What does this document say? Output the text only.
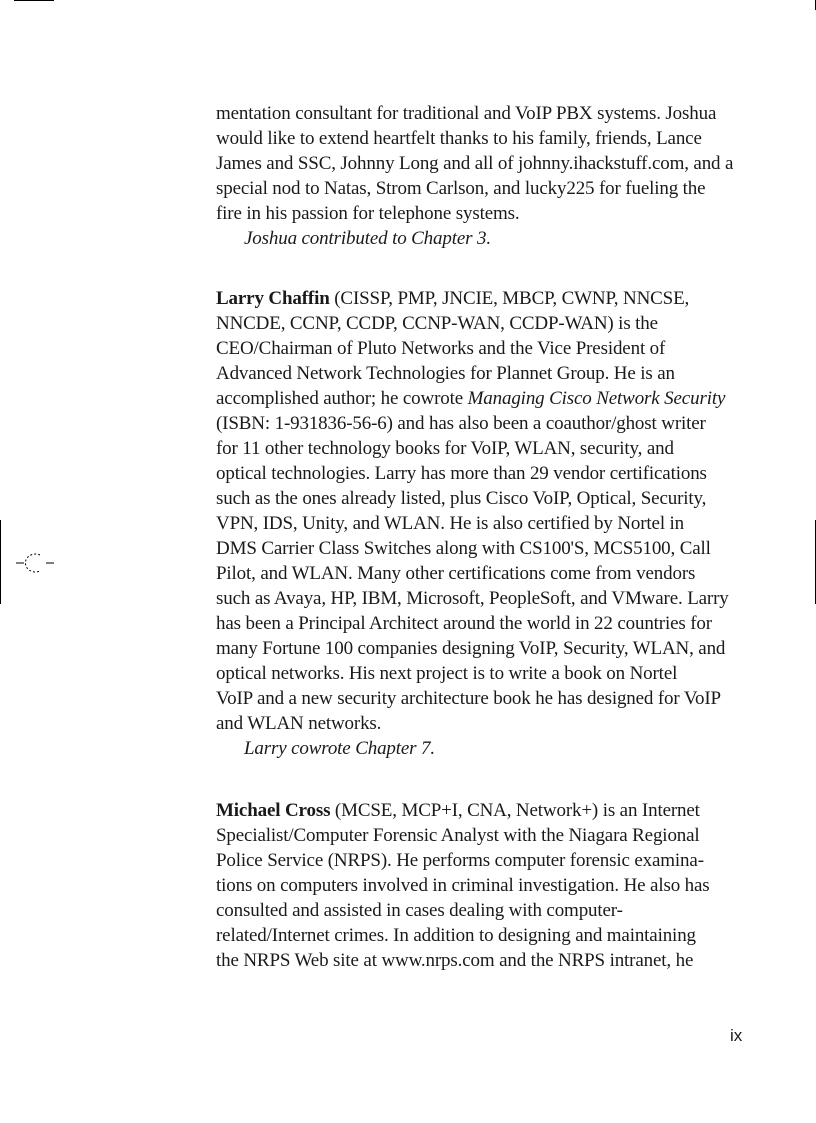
mentation consultant for traditional and VoIP PBX systems. Joshua
would like to extend heartfelt thanks to his family, friends, Lance
James and SSC, Johnny Long and all of johnny.ihackstuff.com, and a
special nod to Natas, Strom Carlson, and lucky225 for fueling the
fire in his passion for telephone systems.
Joshua contributed to Chapter 3.
Larry Chaffin (CISSP, PMP, JNCIE, MBCP, CWNP, NNCSE,
NNCDE, CCNP, CCDP, CCNP-WAN, CCDP-WAN) is the
CEO/Chairman of Pluto Networks and the Vice President of
Advanced Network Technologies for Plannet Group. He is an
accomplished author; he cowrote Managing Cisco Network Security
(ISBN: 1-931836-56-6) and has also been a coauthor/ghost writer
for 11 other technology books for VoIP, WLAN, security, and
optical technologies. Larry has more than 29 vendor certifications
such as the ones already listed, plus Cisco VoIP, Optical, Security,
VPN, IDS, Unity, and WLAN. He is also certified by Nortel in
DMS Carrier Class Switches along with CS100'S, MCS5100, Call
Pilot, and WLAN. Many other certifications come from vendors
such as Avaya, HP, IBM, Microsoft, PeopleSoft, and VMware. Larry
has been a Principal Architect around the world in 22 countries for
many Fortune 100 companies designing VoIP, Security, WLAN, and
optical networks. His next project is to write a book on Nortel
VoIP and a new security architecture book he has designed for VoIP
and WLAN networks.
Larry cowrote Chapter 7.
Michael Cross (MCSE, MCP+I, CNA, Network+) is an Internet
Specialist/Computer Forensic Analyst with the Niagara Regional
Police Service (NRPS). He performs computer forensic examina-
tions on computers involved in criminal investigation. He also has
consulted and assisted in cases dealing with computer-
related/Internet crimes. In addition to designing and maintaining
the NRPS Web site at www.nrps.com and the NRPS intranet, he
ix
